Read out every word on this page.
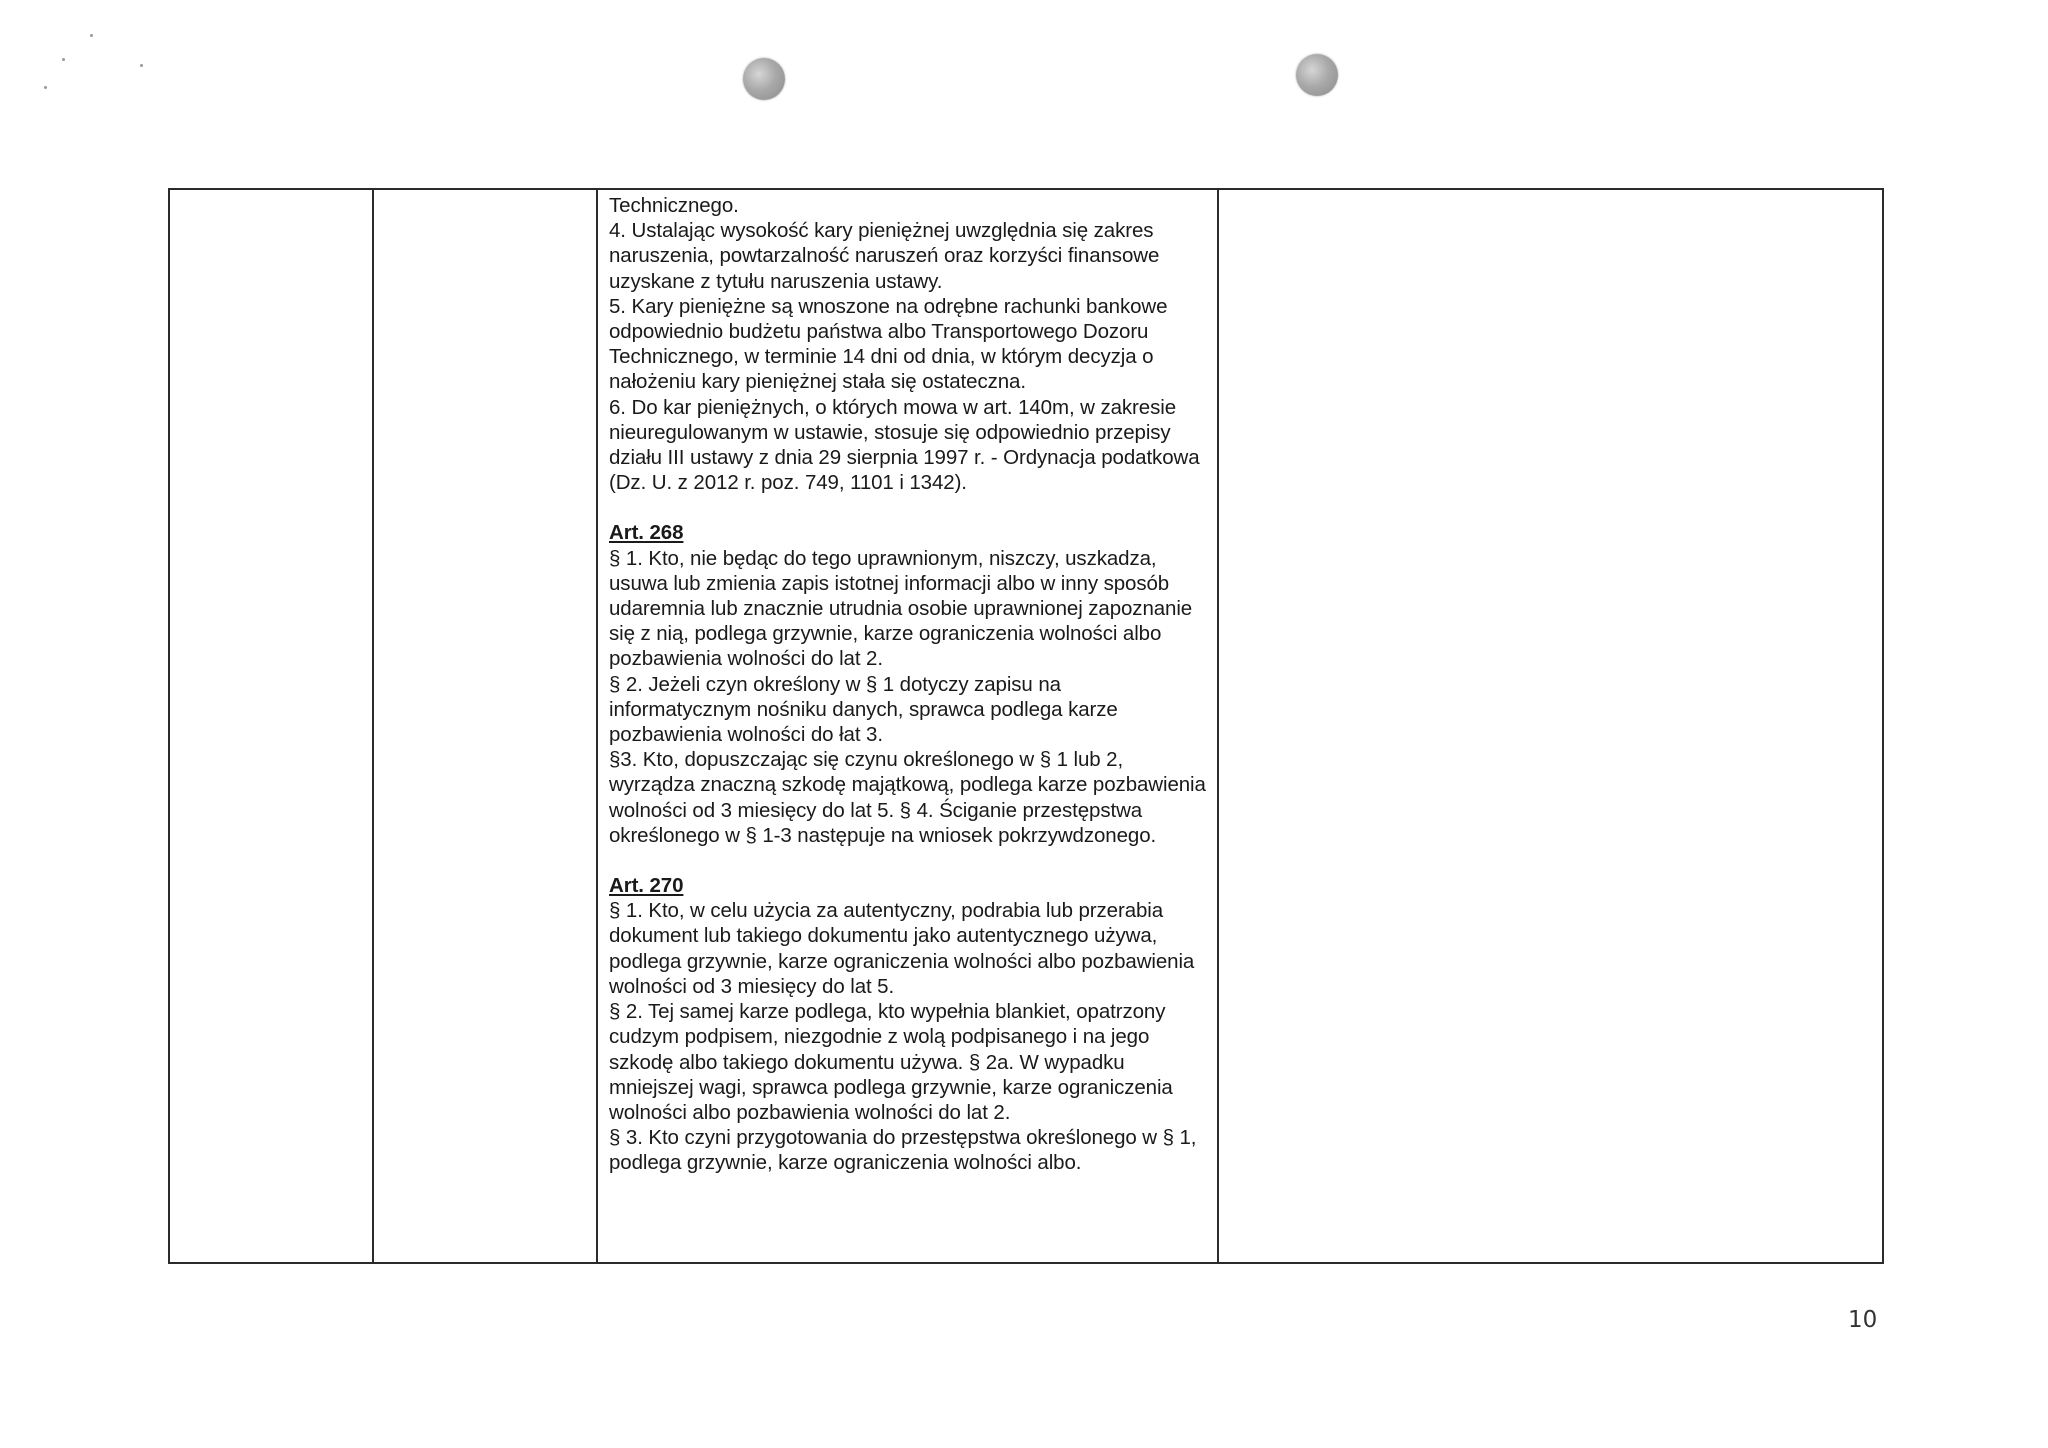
Technicznego.

4. Ustalając wysokość kary pieniężnej uwzględnia się zakres naruszenia, powtarzalność naruszeń oraz korzyści finansowe uzyskane z tytułu naruszenia ustawy.

5. Kary pieniężne są wnoszone na odrębne rachunki bankowe odpowiednio budżetu państwa albo Transportowego Dozoru Technicznego, w terminie 14 dni od dnia, w którym decyzja o nałożeniu kary pieniężnej stała się ostateczna.

6. Do kar pieniężnych, o których mowa w art. 140m, w zakresie nieuregulowanym w ustawie, stosuje się odpowiednio przepisy działu III ustawy z dnia 29 sierpnia 1997 r. - Ordynacja podatkowa (Dz. U. z 2012 r. poz. 749, 1101 i 1342).

Art. 268

§ 1. Kto, nie będąc do tego uprawnionym, niszczy, uszkadza, usuwa lub zmienia zapis istotnej informacji albo w inny sposób udaremnia lub znacznie utrudnia osobie uprawnionej zapoznanie się z nią, podlega grzywnie, karze ograniczenia wolności albo pozbawienia wolności do lat 2.

§ 2. Jeżeli czyn określony w § 1 dotyczy zapisu na informatycznym nośniku danych, sprawca podlega karze pozbawienia wolności do łat 3.

§3. Kto, dopuszczając się czynu określonego w § 1 lub 2, wyrządza znaczną szkodę majątkową, podlega karze pozbawienia wolności od 3 miesięcy do lat 5. § 4. Ściganie przestępstwa określonego w § 1-3 następuje na wniosek pokrzywdzonego.

Art. 270

§ 1. Kto, w celu użycia za autentyczny, podrabia lub przerabia dokument lub takiego dokumentu jako autentycznego używa, podlega grzywnie, karze ograniczenia wolności albo pozbawienia wolności od 3 miesięcy do lat 5.

§ 2. Tej samej karze podlega, kto wypełnia blankiet, opatrzony cudzym podpisem, niezgodnie z wolą podpisanego i na jego szkodę albo takiego dokumentu używa. § 2a. W wypadku mniejszej wagi, sprawca podlega grzywnie, karze ograniczenia wolności albo pozbawienia wolności do lat 2.

§ 3. Kto czyni przygotowania do przestępstwa określonego w § 1, podlega grzywnie, karze ograniczenia wolności albo.

10
